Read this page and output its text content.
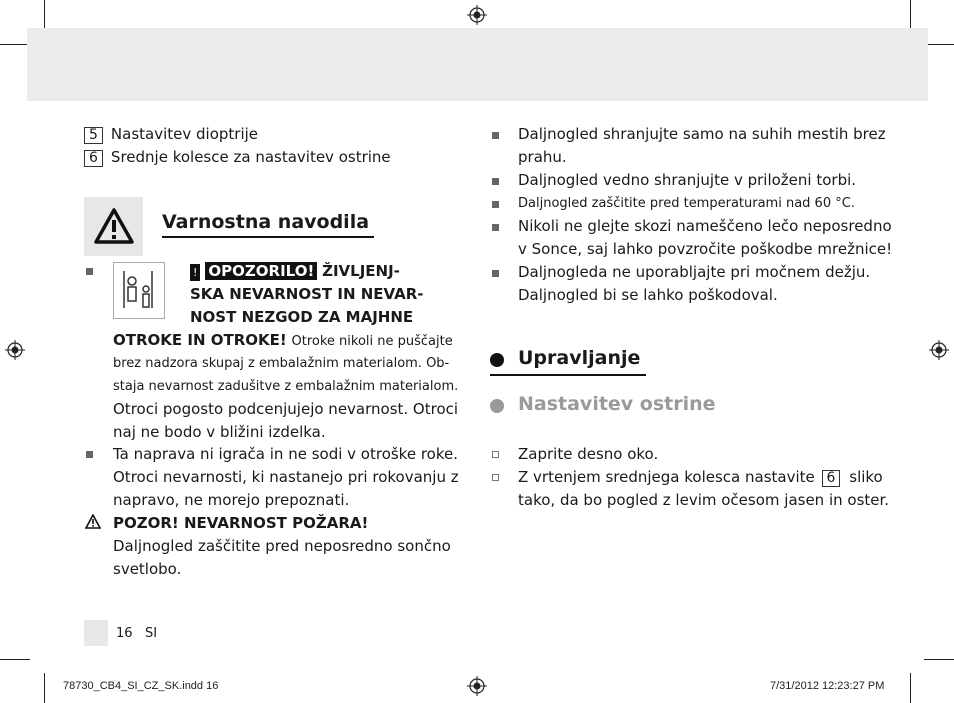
5 Nastavitev dioptrije
6 Srednje kolesce za nastavitev ostrine
Varnostna navodila
! OPOZORILO! ŽIVLJENJ-
SKA NEVARNOST IN NEVAR-
NOST NEZGOD ZA MAJHNE
OTROKE IN OTROKE! Otroke nikoli ne puščajte
brez nadzora skupaj z embalažnim materialom. Ob-
staja nevarnost zadušitve z embalažnim materialom.
Otroci pogosto podcenjujejo nevarnost. Otroci
naj ne bodo v bližini izdelka.
Ta naprava ni igrača in ne sodi v otroške roke.
Otroci nevarnosti, ki nastanejo pri rokovanju z
napravo, ne morejo prepoznati.
POZOR! NEVARNOST POŽARA!
Daljnogled zaščitite pred neposredno sončno
svetlobo.
16 SI
Daljnogled shranjujte samo na suhih mestih brez
prahu.
Daljnogled vedno shranjujte v priloženi torbi.
Daljnogled zaščitite pred temperaturami nad 60 °C.
Nikoli ne glejte skozi nameščeno lečo neposredno
v Sonce, saj lahko povzročite poškodbe mrežnice!
Daljnogleda ne uporabljajte pri močnem dežju.
Daljnogled bi se lahko poškodoval.
Upravljanje
Nastavitev ostrine
Zaprite desno oko.
Z vrtenjem srednjega kolesca nastavite 6 sliko
tako, da bo pogled z levim očesom jasen in oster.
78730_CB4_SI_CZ_SK.indd 16	7/31/2012 12:23:27 PM
